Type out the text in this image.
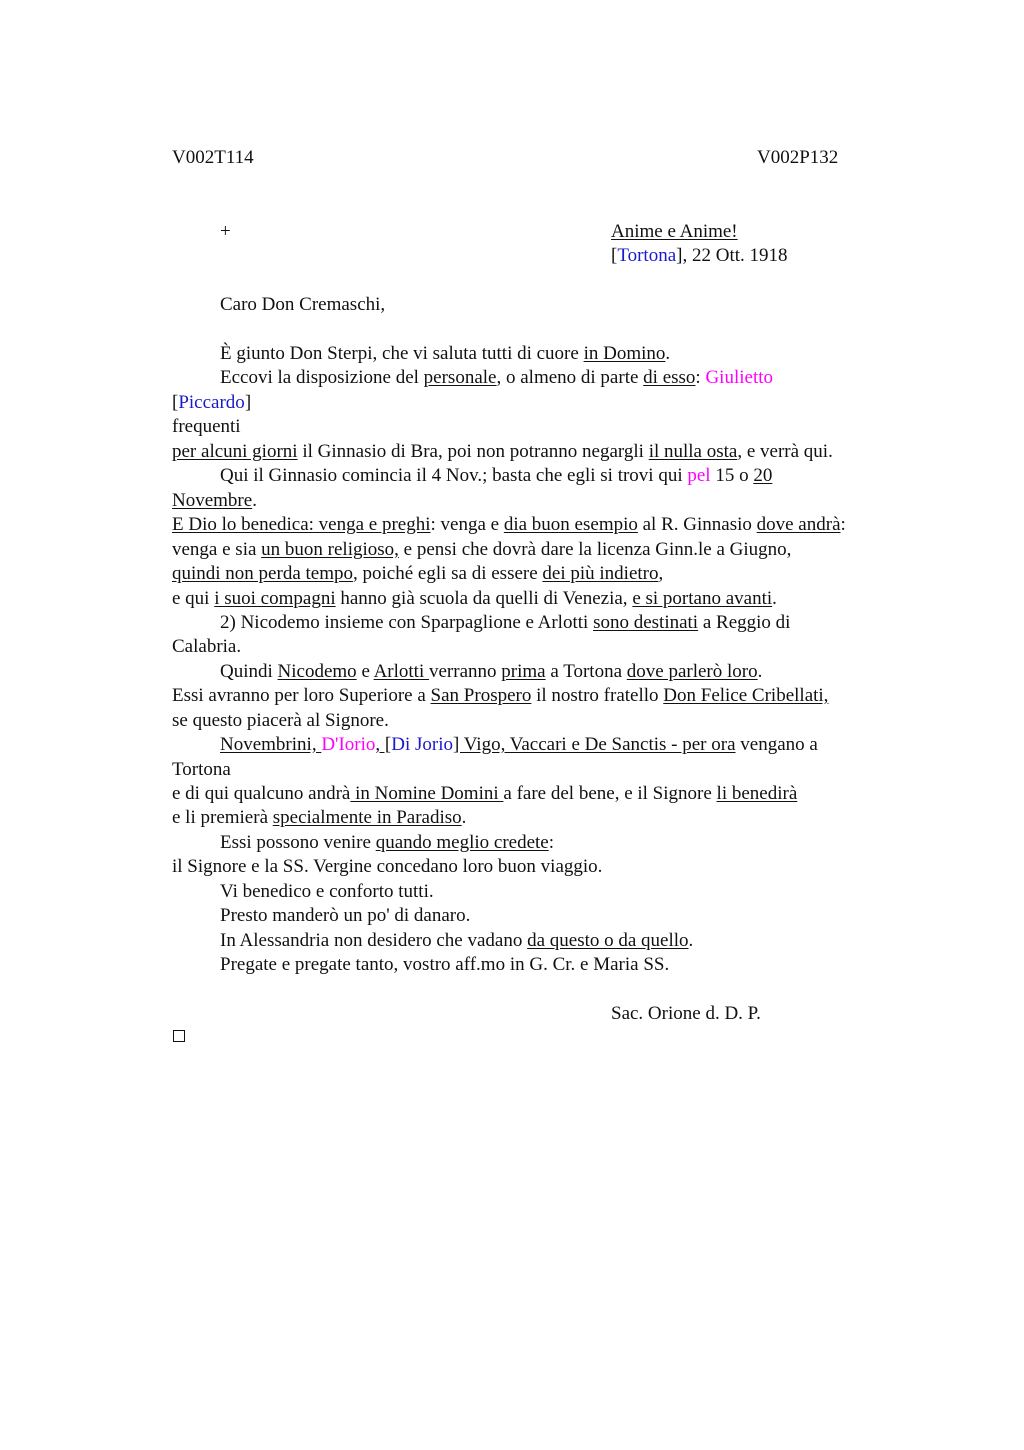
V002T114	V002P132
+	Anime e Anime!
[Tortona], 22 Ott. 1918
Caro Don Cremaschi,
È giunto Don Sterpi, che vi saluta tutti di cuore in Domino.
Eccovi la disposizione del personale, o almeno di parte di esso: Giulietto
[Piccardo]
frequenti
per alcuni giorni il Ginnasio di Bra, poi non potranno negargli il nulla osta, e verrà qui.
Qui il Ginnasio comincia il 4 Nov.; basta che egli si trovi qui pel 15 o 20
Novembre.
E Dio lo benedica: venga e preghi: venga e dia buon esempio al R. Ginnasio dove andrà:
venga e sia un buon religioso, e pensi che dovrà dare la licenza Ginn.le a Giugno,
quindi non perda tempo, poiché egli sa di essere dei più indietro,
e qui i suoi compagni hanno già scuola da quelli di Venezia, e si portano avanti.
2) Nicodemo insieme con Sparpaglione e Arlotti sono destinati a Reggio di
Calabria.
Quindi Nicodemo e Arlotti verranno prima a Tortona dove parlerò loro.
Essi avranno per loro Superiore a San Prospero il nostro fratello Don Felice Cribellati,
se questo piacerà al Signore.
Novembrini, D'Iorio, [Di Jorio] Vigo, Vaccari e De Sanctis - per ora vengano a
Tortona
e di qui qualcuno andrà in Nomine Domini a fare del bene, e il Signore li benedirà
e li premierà specialmente in Paradiso.
Essi possono venire quando meglio credete:
il Signore e la SS. Vergine concedano loro buon viaggio.
Vi benedico e conforto tutti.
Presto manderò un po' di danaro.
In Alessandria non desidero che vadano da questo o da quello.
Pregate e pregate tanto, vostro aff.mo in G. Cr. e Maria SS.
Sac. Orione d. D. P.
